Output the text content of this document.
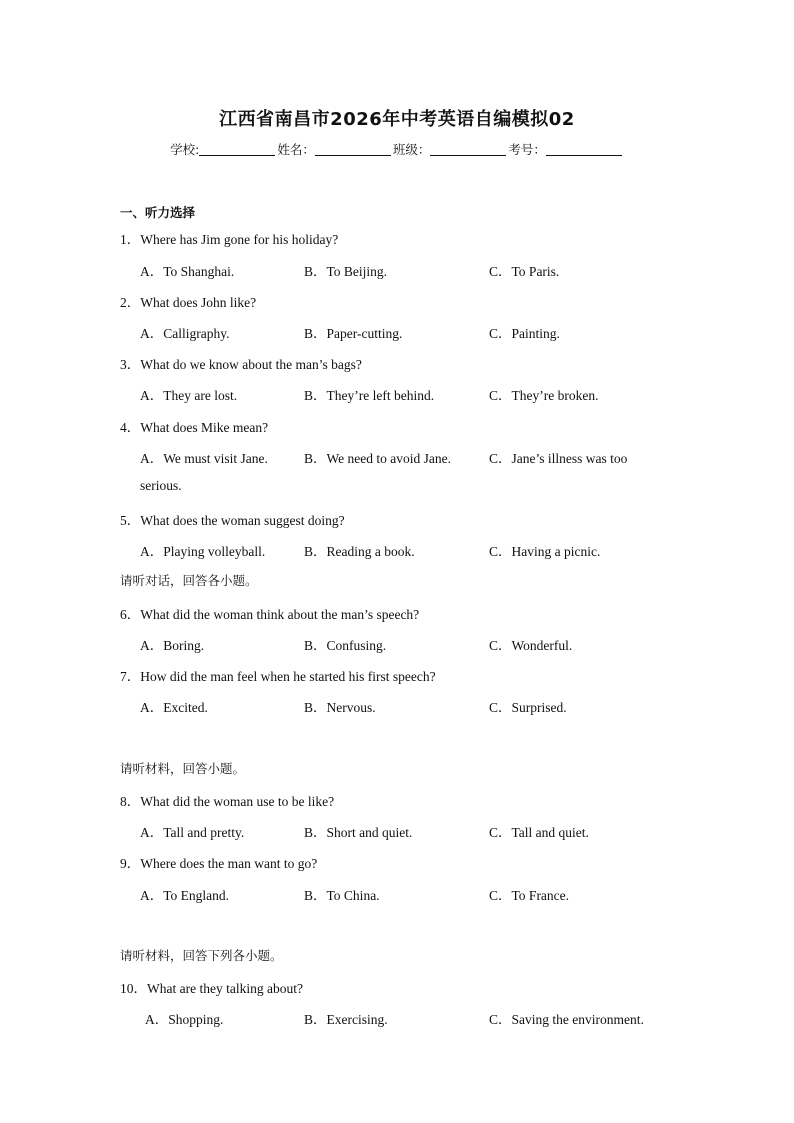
江西省南昌市2026年中考英语自编模拟02
学校:	姓名：	班级：	考号：
一、听力选择
1．Where has Jim gone for his holiday?
A．To Shanghai.	B．To Beijing.	C．To Paris.
2．What does John like?
A．Calligraphy.	B．Paper-cutting.	C．Painting.
3．What do we know about the man’s bags?
A．They are lost.	B．They’re left behind.	C．They’re broken.
4．What does Mike mean?
A．We must visit Jane.	B．We need to avoid Jane.	C．Jane’s illness was too
serious.
5．What does the woman suggest doing?
A．Playing volleyball.	B．Reading a book.	C．Having a picnic.
请听对话，回答各小题。
6．What did the woman think about the man’s speech?
A．Boring.	B．Confusing.	C．Wonderful.
7．How did the man feel when he started his first speech?
A．Excited.	B．Nervous.	C．Surprised.
请听材料，回答小题。
8．What did the woman use to be like?
A．Tall and pretty.	B．Short and quiet.	C．Tall and quiet.
9．Where does the man want to go?
A．To England.	B．To China.	C．To France.
请听材料，回答下列各小题。
10．What are they talking about?
A．Shopping.	B．Exercising.	C．Saving the environment.
